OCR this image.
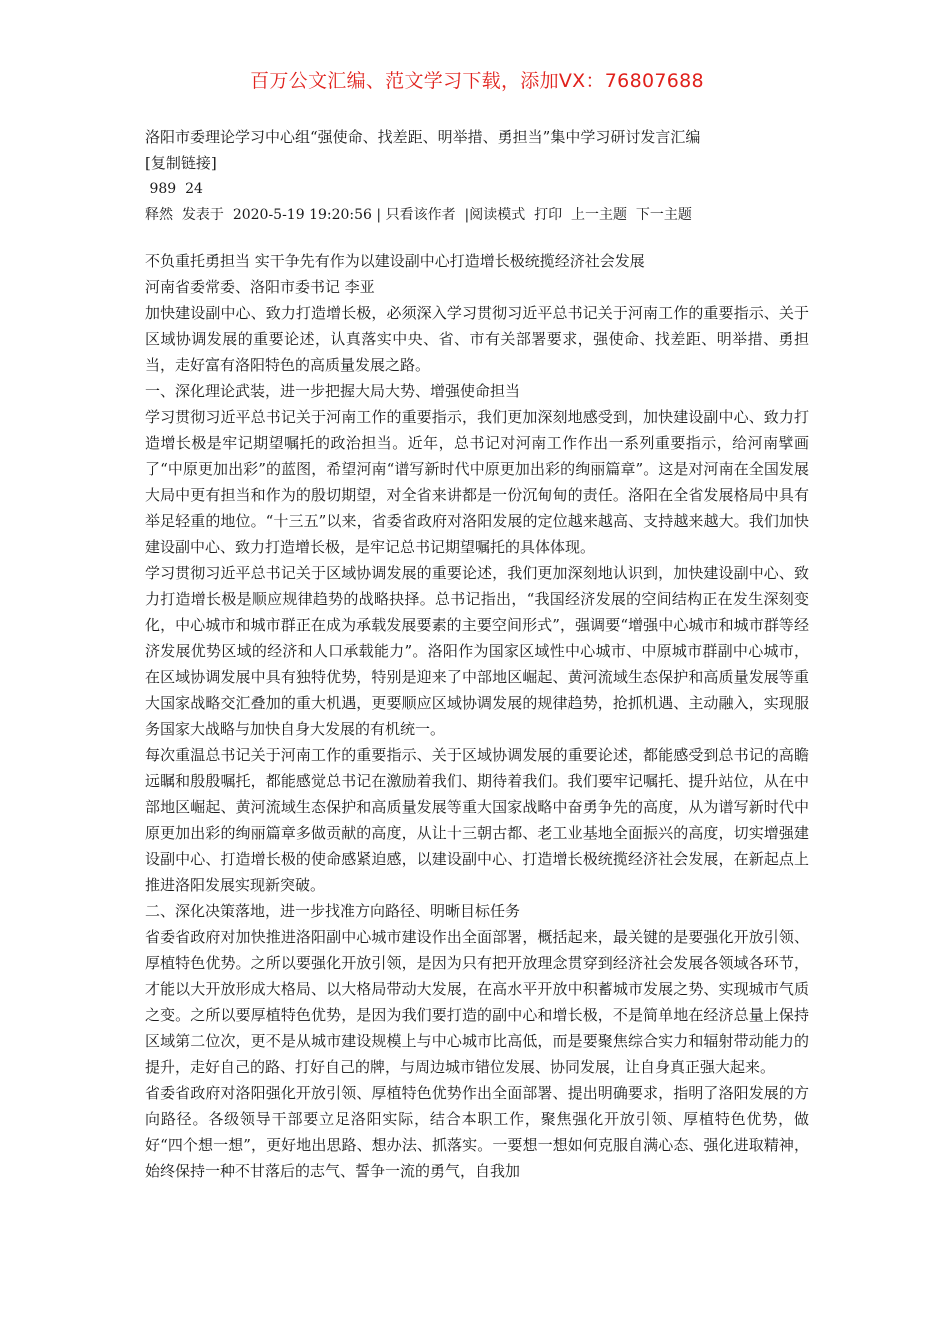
百万公文汇编、范文学习下载，添加VX：76807688
洛阳市委理论学习中心组“强使命、找差距、明举措、勇担当”集中学习研讨发言汇编
[复制链接]
989 24
释然 发表于 2020-5-19 19:20:56 | 只看该作者 |阅读模式 打印 上一主题 下一主题

不负重托勇担当 实干争先有作为以建设副中心打造增长极统揽经济社会发展

河南省委常委、洛阳市委书记 李亚

加快建设副中心、致力打造增长极，必须深入学习贯彻习近平总书记关于河南工作的重要指示、关于区域协调发展的重要论述，认真落实中央、省、市有关部署要求，强使命、找差距、明举措、勇担当，走好富有洛阳特色的高质量发展之路。

一、深化理论武装，进一步把握大局大势、增强使命担当

学习贯彻习近平总书记关于河南工作的重要指示，我们更加深刻地感受到，加快建设副中心、致力打造增长极是牢记期望嘱托的政治担当。近年，总书记对河南工作作出一系列重要指示，给河南擘画了“中原更加出彩”的蓝图，希望河南“谱写新时代中原更加出彩的绚丽篇章”。这是对河南在全国发展大局中更有担当和作为的殷切期望，对全省来讲都是一份沉甸甸的责任。洛阳在全省发展格局中具有举足轻重的地位。“十三五”以来，省委省政府对洛阳发展的定位越来越高、支持越来越大。我们加快建设副中心、致力打造增长极，是牢记总书记期望嘱托的具体体现。

学习贯彻习近平总书记关于区域协调发展的重要论述，我们更加深刻地认识到，加快建设副中心、致力打造增长极是顺应规律趋势的战略抉择。总书记指出，“我国经济发展的空间结构正在发生深刻变化，中心城市和城市群正在成为承载发展要素的主要空间形式”，强调要“增强中心城市和城市群等经济发展优势区域的经济和人口承载能力”。洛阳作为国家区域性中心城市、中原城市群副中心城市，在区域协调发展中具有独特优势，特别是迎来了中部地区崛起、黄河流域生态保护和高质量发展等重大国家战略交汇叠加的重大机遇，更要顺应区域协调发展的规律趋势，抢抓机遇、主动融入，实现服务国家大战略与加快自身大发展的有机统一。

每次重温总书记关于河南工作的重要指示、关于区域协调发展的重要论述，都能感受到总书记的高瞻远瞩和殷殷嘱托，都能感觉总书记在激励着我们、期待着我们。我们要牢记嘱托、提升站位，从在中部地区崛起、黄河流域生态保护和高质量发展等重大国家战略中奋勇争先的高度，从为谱写新时代中原更加出彩的绚丽篇章多做贡献的高度，从让十三朝古都、老工业基地全面振兴的高度，切实增强建设副中心、打造增长极的使命感紧迫感，以建设副中心、打造增长极统揽经济社会发展，在新起点上推进洛阳发展实现新突破。

二、深化决策落地，进一步找准方向路径、明晰目标任务

省委省政府对加快推进洛阳副中心城市建设作出全面部署，概括起来，最关键的是要强化开放引领、厚植特色优势。之所以要强化开放引领，是因为只有把开放理念贯穿到经济社会发展各领域各环节，才能以大开放形成大格局、以大格局带动大发展，在高水平开放中积蓄城市发展之势、实现城市气质之变。之所以要厚植特色优势，是因为我们要打造的副中心和增长极，不是简单地在经济总量上保持区域第二位次，更不是从城市建设规模上与中心城市比高低，而是要聚焦综合实力和辐射带动能力的提升，走好自己的路、打好自己的牌，与周边城市错位发展、协同发展，让自身真正强大起来。

省委省政府对洛阳强化开放引领、厚植特色优势作出全面部署、提出明确要求，指明了洛阳发展的方向路径。各级领导干部要立足洛阳实际，结合本职工作，聚焦强化开放引领、厚植特色优势，做好“四个想一想”，更好地出思路、想办法、抓落实。一要想一想如何克服自满心态、强化进取精神，始终保持一种不甘落后的志气、誓争一流的勇气，自我加
